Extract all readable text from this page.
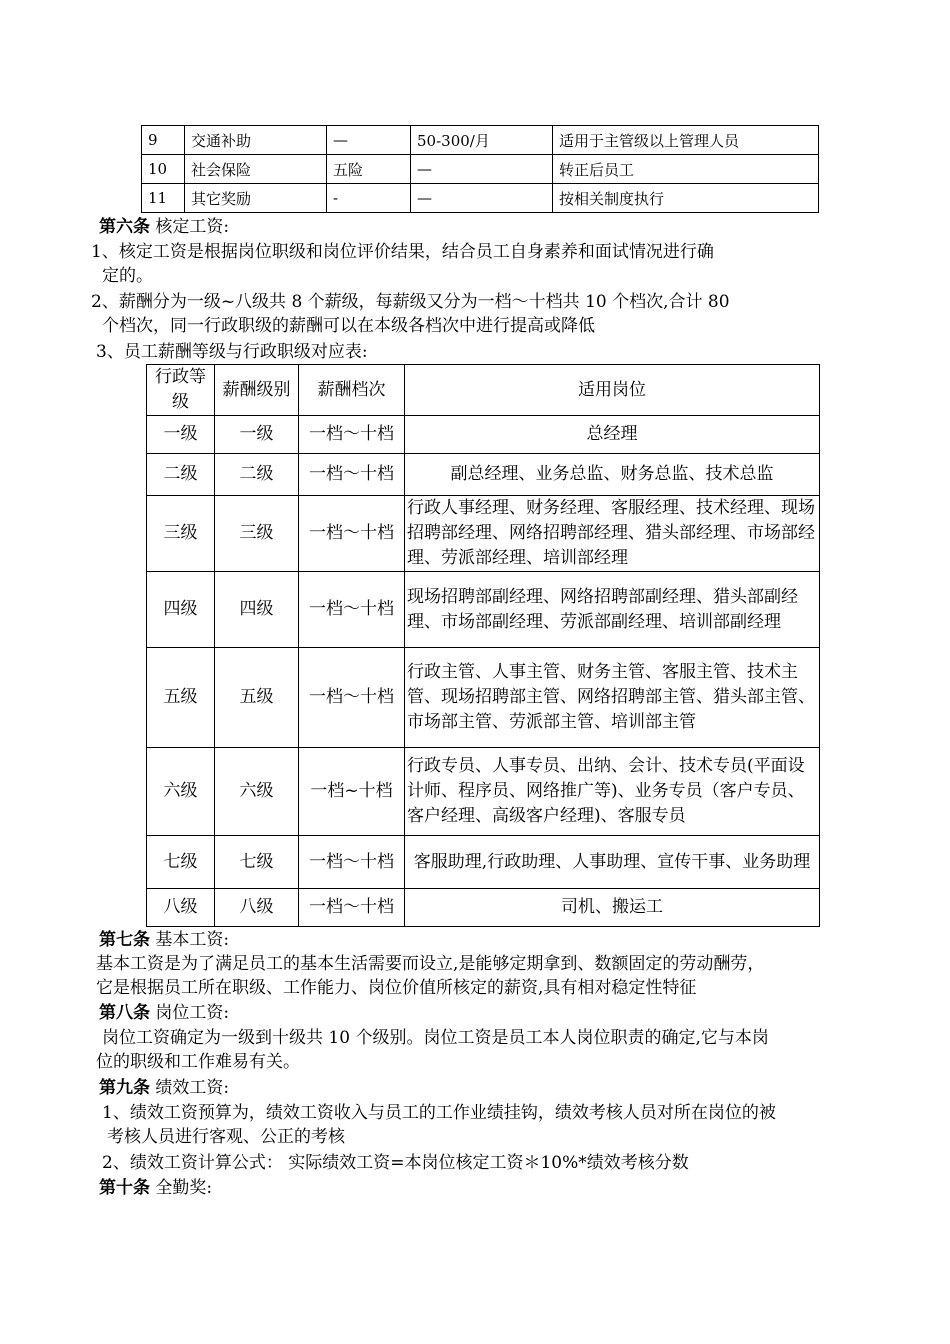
9	交通补助	—	50-300/月	适用于主管级以上管理人员
10	社会保险	五险	—	转正后员工
11	其它奖励	-	—	按相关制度执行
第六条 核定工资:
1、核定工资是根据岗位职级和岗位评价结果，结合员工自身素养和面试情况进行确
定的。
2、薪酬分为一级~八级共 8 个薪级，每薪级又分为一档～十档共 10 个档次,合计 80
个档次，同一行政职级的薪酬可以在本级各档次中进行提高或降低
3、员工薪酬等级与行政职级对应表:
行政等级	薪酬级别	薪酬档次	适用岗位
一级	一级	一档～十档	总经理
二级	二级	一档～十档	副总经理、业务总监、财务总监、技术总监
三级	三级	一档～十档	行政人事经理、财务经理、客服经理、技术经理、现场招聘部经理、网络招聘部经理、猎头部经理、市场部经理、劳派部经理、培训部经理
四级	四级	一档～十档	现场招聘部副经理、网络招聘部副经理、猎头部副经理、市场部副经理、劳派部副经理、培训部副经理
五级	五级	一档～十档	行政主管、人事主管、财务主管、客服主管、技术主管、现场招聘部主管、网络招聘部主管、猎头部主管、市场部主管、劳派部主管、培训部主管
六级	六级	一档~十档	行政专员、人事专员、出纳、会计、技术专员(平面设计师、程序员、网络推广等)、业务专员（客户专员、客户经理、高级客户经理)、客服专员
七级	七级	一档～十档	客服助理,行政助理、人事助理、宣传干事、业务助理
八级	八级	一档～十档	司机、搬运工
第七条 基本工资:
基本工资是为了满足员工的基本生活需要而设立,是能够定期拿到、数额固定的劳动酬劳，
它是根据员工所在职级、工作能力、岗位价值所核定的薪资,具有相对稳定性特征
第八条 岗位工资:
岗位工资确定为一级到十级共 10 个级别。岗位工资是员工本人岗位职责的确定,它与本岗
位的职级和工作难易有关。
第九条 绩效工资:
1、绩效工资预算为，绩效工资收入与员工的工作业绩挂钩，绩效考核人员对所在岗位的被
考核人员进行客观、公正的考核
2、绩效工资计算公式： 实际绩效工资=本岗位核定工资＊10%*绩效考核分数
第十条 全勤奖:
